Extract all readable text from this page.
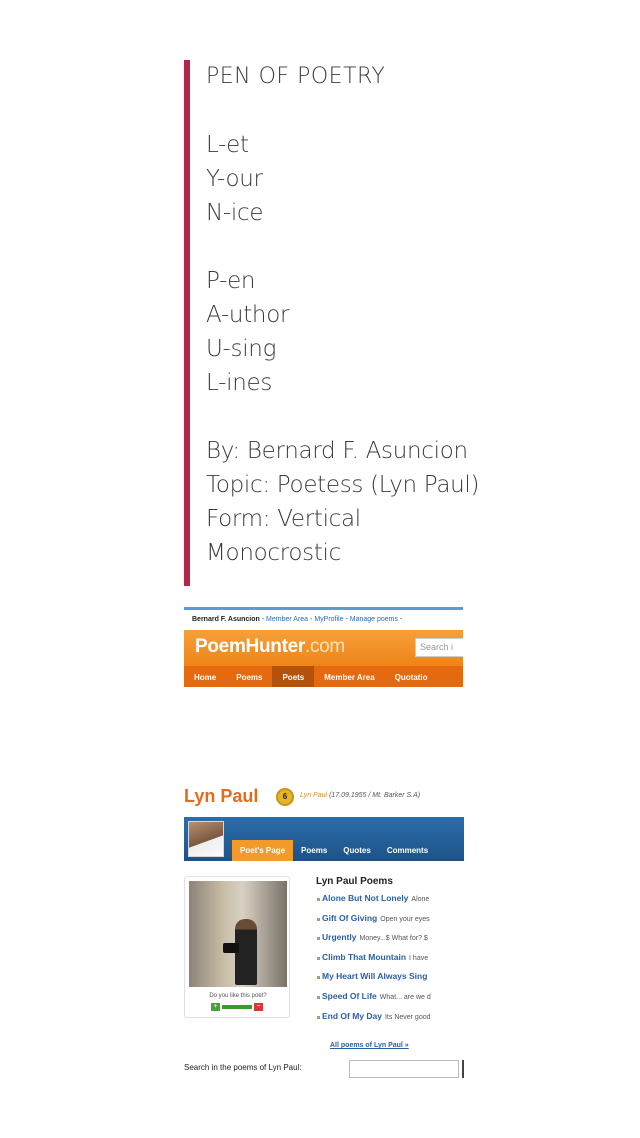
PEN OF POETRY
L-et
Y-our
N-ice
P-en
A-uthor
U-sing
L-ines
By: Bernard F. Asuncion
Topic: Poetess (Lyn Paul)
Form: Vertical
Monocrostic
Bernard F. Asuncion - Member Area - MyProfile - Manage poems -
PoemHunter.com	Search i
Home	Poems	Poets	Member Area	Quotatio
Lyn Paul	6	Lyn Paul (17.09.1955 / Mt. Barker S.A)
Poet's Page	Poems	Quotes	Comments
Do you like this poet?
+	−
Lyn Paul Poems
Alone But Not Lonely Alone
Gift Of Giving Open your eyes
Urgently Money...$ What for? $
Climb That Mountain I have
My Heart Will Always Sing
Speed Of Life What... are we d
End Of My Day Its Never good
All poems of Lyn Paul »
Search in the poems of Lyn Paul:
